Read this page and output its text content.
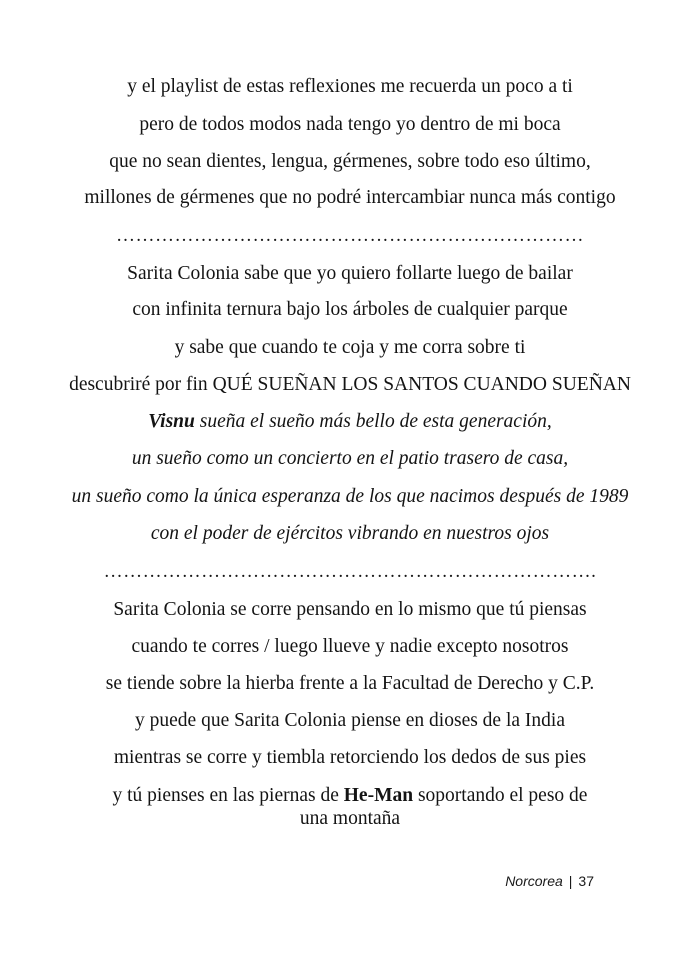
y el playlist de estas reflexiones me recuerda un poco a ti
pero de todos modos nada tengo yo dentro de mi boca
que no sean dientes, lengua, gérmenes, sobre todo eso último,
millones de gérmenes que no podré intercambiar nunca más contigo
………………………………………………………………
Sarita Colonia sabe que yo quiero follarte luego de bailar
con infinita ternura bajo los árboles de cualquier parque
y sabe que cuando te coja y me corra sobre ti
descubriré por fin QUÉ SUEÑAN LOS SANTOS CUANDO SUEÑAN
Visnu sueña el sueño más bello de esta generación,
un sueño como un concierto en el patio trasero de casa,
un sueño como la única esperanza de los que nacimos después de 1989
con el poder de ejércitos vibrando en nuestros ojos
………………………………………………………………….
Sarita Colonia se corre pensando en lo mismo que tú piensas
cuando te corres / luego llueve y nadie excepto nosotros
se tiende sobre la hierba frente a la Facultad de Derecho y C.P.
y puede que Sarita Colonia piense en dioses de la India
mientras se corre y tiembla retorciendo los dedos de sus pies
y tú pienses en las piernas de He-Man soportando el peso de
una montaña
Norcorea | 37
